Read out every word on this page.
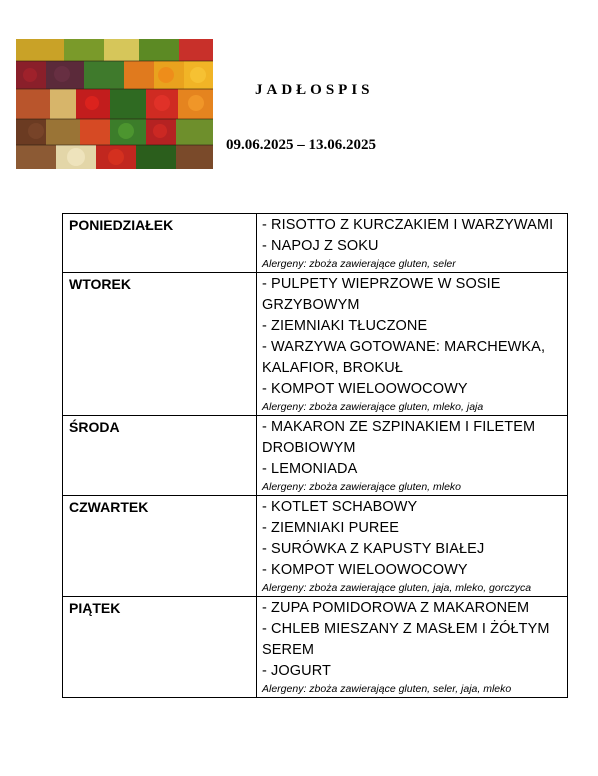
JADŁOSPIS
09.06.2025 – 13.06.2025
PONIEDZIAŁEK	- RISOTTO Z KURCZAKIEM I WARZYWAMI
- NAPOJ Z SOKU
Alergeny: zboża zawierające gluten, seler

WTOREK	- PULPETY WIEPRZOWE W SOSIE GRZYBOWYM
- ZIEMNIAKI TŁUCZONE
- WARZYWA GOTOWANE: MARCHEWKA, KALAFIOR, BROKUŁ
- KOMPOT WIELOOWOCOWY
Alergeny: zboża zawierające gluten, mleko, jaja

ŚRODA	- MAKARON ZE SZPINAKIEM I FILETEM DROBIOWYM
- LEMONIADA
Alergeny: zboża zawierające gluten, mleko

CZWARTEK	- KOTLET SCHABOWY
- ZIEMNIAKI PUREE
- SURÓWKA Z KAPUSTY BIAŁEJ
- KOMPOT WIELOOWOCOWY
Alergeny: zboża zawierające gluten, jaja, mleko, gorczyca

PIĄTEK	- ZUPA POMIDOROWA Z MAKARONEM
- CHLEB MIESZANY Z MASŁEM I ŻÓŁTYM SEREM
- JOGURT
Alergeny: zboża zawierające gluten, seler, jaja, mleko
